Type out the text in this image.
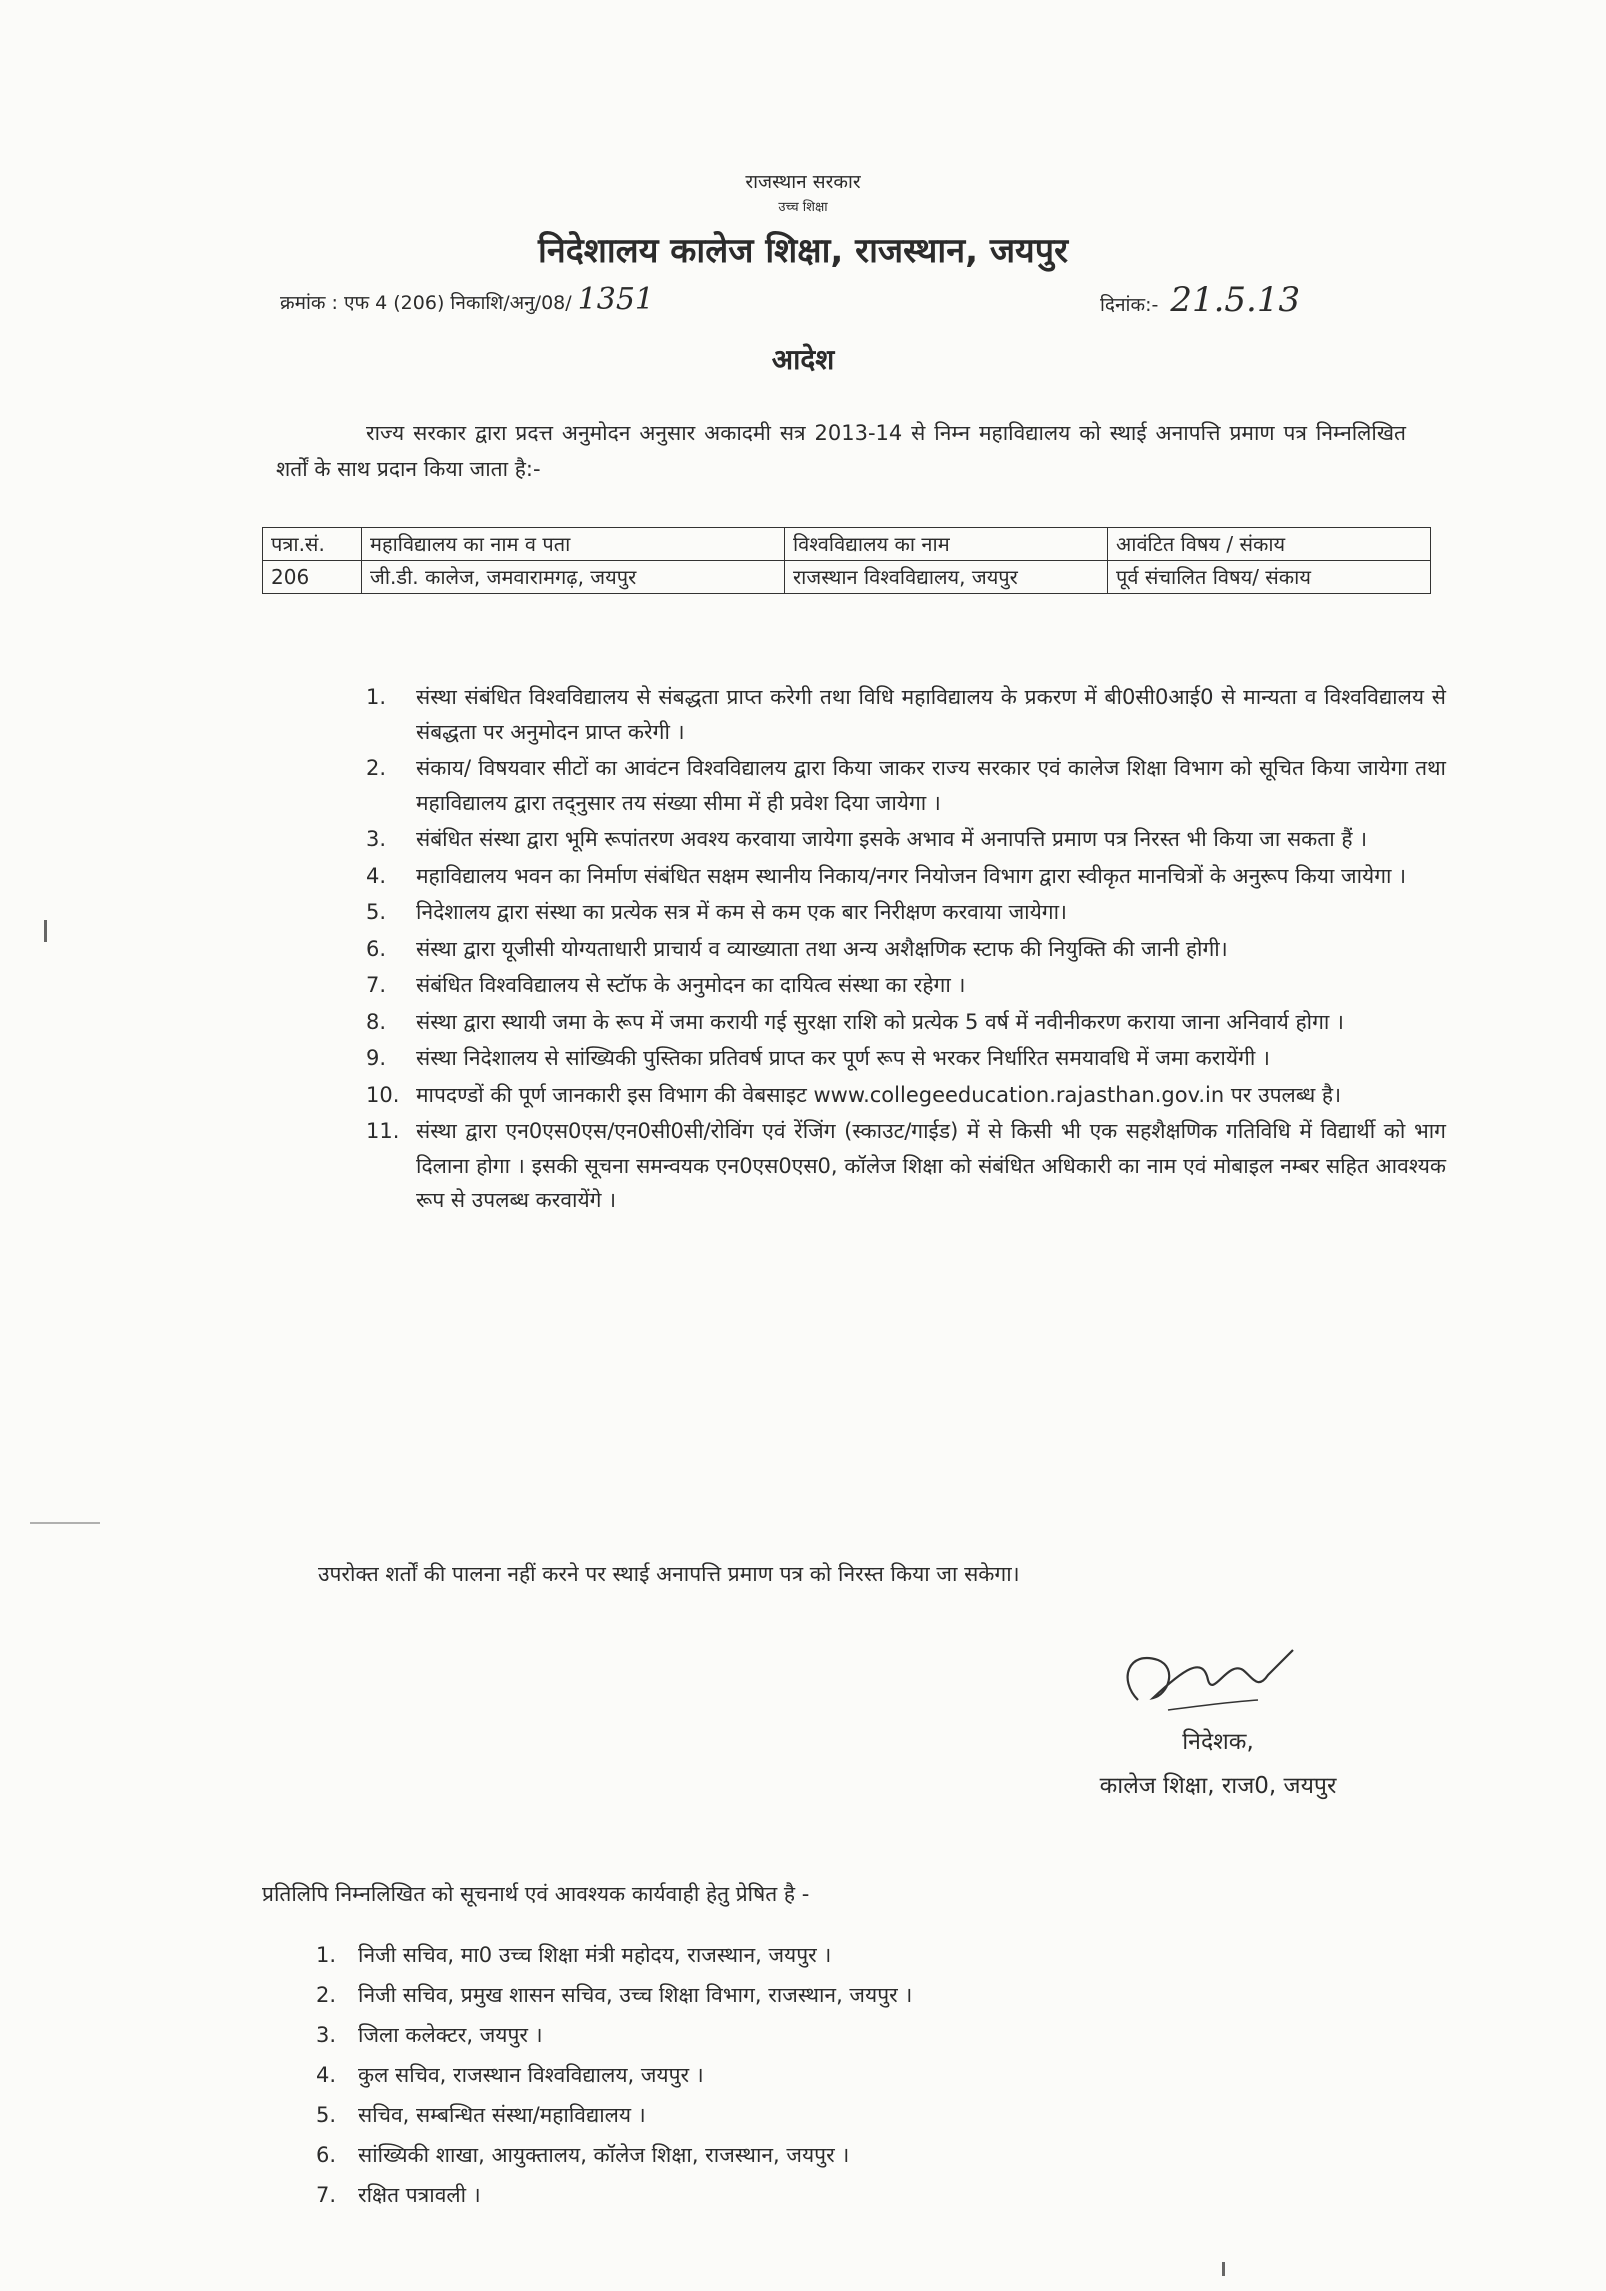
राजस्थान सरकार
उच्च शिक्षा
निदेशालय कालेज शिक्षा, राजस्थान, जयपुर
क्रमांक : एफ 4 (206) निकाशि/अनु/08/ 1351	दिनांक:- 21.5.13
आदेश
राज्य सरकार द्वारा प्रदत्त अनुमोदन अनुसार अकादमी सत्र 2013-14 से निम्न महाविद्यालय को स्थाई अनापत्ति प्रमाण पत्र निम्नलिखित शर्तों के साथ प्रदान किया जाता है:-
पत्रा.सं.	महाविद्यालय का नाम व पता	विश्वविद्यालय का नाम	आवंटित विषय / संकाय
206	जी.डी. कालेज, जमवारामगढ़, जयपुर	राजस्थान विश्वविद्यालय, जयपुर	पूर्व संचालित विषय/ संकाय
1. संस्था संबंधित विश्वविद्यालय से संबद्धता प्राप्त करेगी तथा विधि महाविद्यालय के प्रकरण में बी0सी0आई0 से मान्यता व विश्वविद्यालय से संबद्धता पर अनुमोदन प्राप्त करेगी ।
2. संकाय/ विषयवार सीटों का आवंटन विश्वविद्यालय द्वारा किया जाकर राज्य सरकार एवं कालेज शिक्षा विभाग को सूचित किया जायेगा तथा महाविद्यालय द्वारा तद्नुसार तय संख्या सीमा में ही प्रवेश दिया जायेगा ।
3. संबंधित संस्था द्वारा भूमि रूपांतरण अवश्य करवाया जायेगा इसके अभाव में अनापत्ति प्रमाण पत्र निरस्त भी किया जा सकता हैं ।
4. महाविद्यालय भवन का निर्माण संबंधित सक्षम स्थानीय निकाय/नगर नियोजन विभाग द्वारा स्वीकृत मानचित्रों के अनुरूप किया जायेगा ।
5. निदेशालय द्वारा संस्था का प्रत्येक सत्र में कम से कम एक बार निरीक्षण करवाया जायेगा।
6. संस्था द्वारा यूजीसी योग्यताधारी प्राचार्य व व्याख्याता तथा अन्य अशैक्षणिक स्टाफ की नियुक्ति की जानी होगी।
7. संबंधित विश्वविद्यालय से स्टॉफ के अनुमोदन का दायित्व संस्था का रहेगा ।
8. संस्था द्वारा स्थायी जमा के रूप में जमा करायी गई सुरक्षा राशि को प्रत्येक 5 वर्ष में नवीनीकरण कराया जाना अनिवार्य होगा ।
9. संस्था निदेशालय से सांख्यिकी पुस्तिका प्रतिवर्ष प्राप्त कर पूर्ण रूप से भरकर निर्धारित समयावधि में जमा करायेंगी ।
10. मापदण्डों की पूर्ण जानकारी इस विभाग की वेबसाइट www.collegeeducation.rajasthan.gov.in पर उपलब्ध है।
11. संस्था द्वारा एन0एस0एस/एन0सी0सी/रोविंग एवं रेंजिंग (स्काउट/गाईड) में से किसी भी एक सहशैक्षणिक गतिविधि में विद्यार्थी को भाग दिलाना होगा । इसकी सूचना समन्वयक एन0एस0एस0, कॉलेज शिक्षा को संबंधित अधिकारी का नाम एवं मोबाइल नम्बर सहित आवश्यक रूप से उपलब्ध करवायेंगे ।
उपरोक्त शर्तों की पालना नहीं करने पर स्थाई अनापत्ति प्रमाण पत्र को निरस्त किया जा सकेगा।
निदेशक,
कालेज शिक्षा, राज0, जयपुर
प्रतिलिपि निम्नलिखित को सूचनार्थ एवं आवश्यक कार्यवाही हेतु प्रेषित है -
1. निजी सचिव, मा0 उच्च शिक्षा मंत्री महोदय, राजस्थान, जयपुर ।
2. निजी सचिव, प्रमुख शासन सचिव, उच्च शिक्षा विभाग, राजस्थान, जयपुर ।
3. जिला कलेक्टर, जयपुर ।
4. कुल सचिव, राजस्थान विश्वविद्यालय, जयपुर ।
5. सचिव, सम्बन्धित संस्था/महाविद्यालय ।
6. सांख्यिकी शाखा, आयुक्तालय, कॉलेज शिक्षा, राजस्थान, जयपुर ।
7. रक्षित पत्रावली ।
